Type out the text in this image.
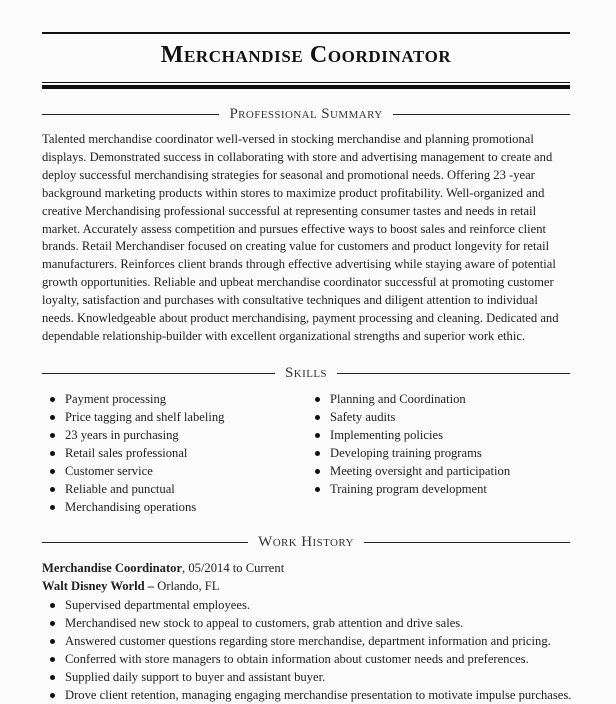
Merchandise Coordinator
Professional Summary

Talented merchandise coordinator well-versed in stocking merchandise and planning promotional displays. Demonstrated success in collaborating with store and advertising management to create and deploy successful merchandising strategies for seasonal and promotional needs. Offering 23 -year background marketing products within stores to maximize product profitability. Well-organized and creative Merchandising professional successful at representing consumer tastes and needs in retail market. Accurately assess competition and pursues effective ways to boost sales and reinforce client brands. Retail Merchandiser focused on creating value for customers and product longevity for retail manufacturers. Reinforces client brands through effective advertising while staying aware of potential growth opportunities. Reliable and upbeat merchandise coordinator successful at promoting customer loyalty, satisfaction and purchases with consultative techniques and diligent attention to individual needs. Knowledgeable about product merchandising, payment processing and cleaning. Dedicated and dependable relationship-builder with excellent organizational strengths and superior work ethic.

Skills
Payment processing
Price tagging and shelf labeling
23 years in purchasing
Retail sales professional
Customer service
Reliable and punctual
Merchandising operations
Planning and Coordination
Safety audits
Implementing policies
Developing training programs
Meeting oversight and participation
Training program development
Work History
Merchandise Coordinator, 05/2014 to Current
Walt Disney World – Orlando, FL
Supervised departmental employees.
Merchandised new stock to appeal to customers, grab attention and drive sales.
Answered customer questions regarding store merchandise, department information and pricing.
Conferred with store managers to obtain information about customer needs and preferences.
Supplied daily support to buyer and assistant buyer.
Drove client retention, managing engaging merchandise presentation to motivate impulse purchases.
